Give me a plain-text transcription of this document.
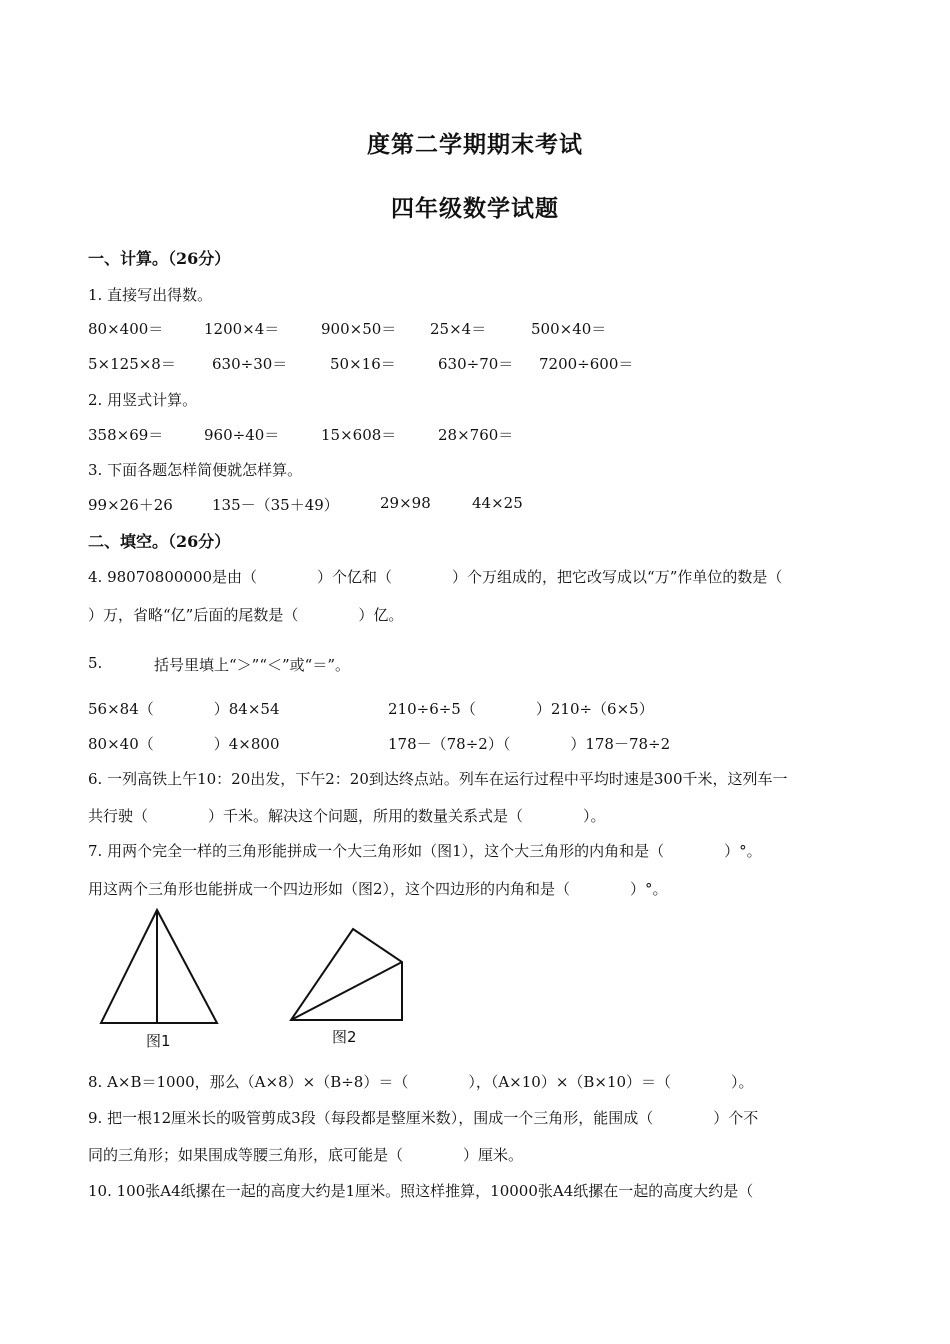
度第二学期期末考试
四年级数学试题
一、计算。（26分）
1. 直接写出得数。
80×400＝	1200×4＝	900×50＝ 25×4＝	500×40＝
5×125×8＝ 630÷30＝	50×16＝	630÷70＝ 7200÷600＝
2. 用竖式计算。
358×69＝	960÷40＝	15×608＝	28×760＝
3. 下面各题怎样简便就怎样算。
99×26＋26	135－（35＋49）	29×98	44×25
二、填空。（26分）
4. 98070800000是由（　　　　）个亿和（　　　　）个万组成的，把它改写成以“万”作单位的数是（
）万，省略“亿”后面的尾数是（　　　　）亿。
5.	括号里填上“＞”“＜”或“＝”。
56×84（　　　　）84×54	210÷6÷5（　　　　）210÷（6×5）
80×40（　　　　）4×800	178－（78÷2）（　　　　）178－78÷2
6. 一列高铁上午10：20出发，下午2：20到达终点站。列车在运行过程中平均时速是300千米，这列车一
共行驶（　　　　）千米。解决这个问题，所用的数量关系式是（　　　　）。
7. 用两个完全一样的三角形能拼成一个大三角形如（图1），这个大三角形的内角和是（　　　　）°。
用这两个三角形也能拼成一个四边形如（图2），这个四边形的内角和是（　　　　）°。
图1	图2
8. A×B＝1000，那么（A×8）×（B÷8）＝（　　　　），（A×10）×（B×10）＝（　　　　）。
9. 把一根12厘米长的吸管剪成3段（每段都是整厘米数），围成一个三角形，能围成（　　　　）个不
同的三角形；如果围成等腰三角形，底可能是（　　　　）厘米。
10. 100张A4纸摞在一起的高度大约是1厘米。照这样推算，10000张A4纸摞在一起的高度大约是（
